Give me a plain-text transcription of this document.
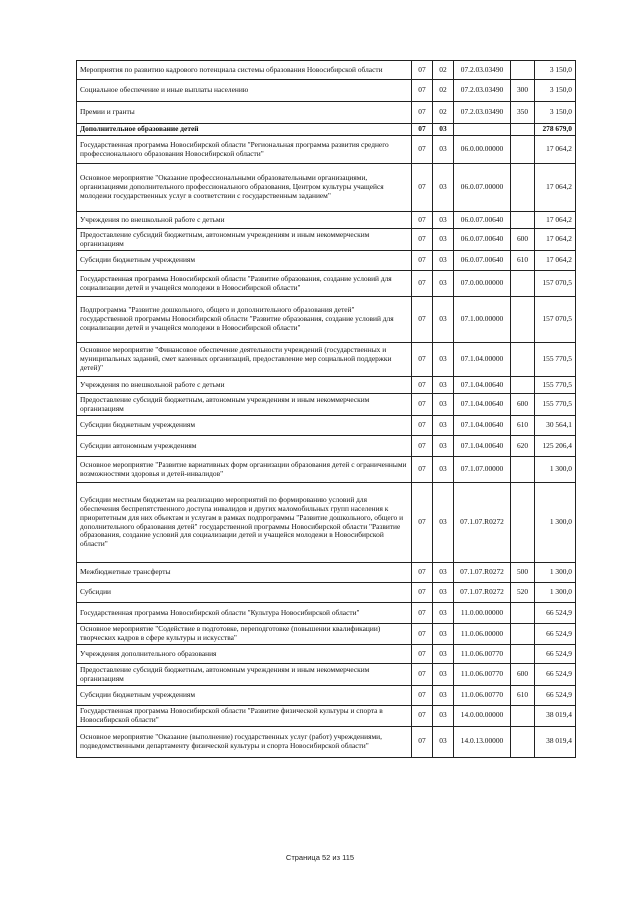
Мероприятия по развитию кадрового потенциала системы образования Новосибирской области	07	02	07.2.03.03490		3 150,0
Социальное обеспечение и иные выплаты населению	07	02	07.2.03.03490	300	3 150,0
Премии и гранты	07	02	07.2.03.03490	350	3 150,0
Дополнительное образование детей	07	03			278 679,0
Государственная программа Новосибирской области "Региональная программа развития среднего профессионального образования Новосибирской области"	07	03	06.0.00.00000		17 064,2
Основное мероприятие "Оказание профессиональными образовательными организациями, организациями дополнительного профессионального образования, Центром культуры учащейся молодежи государственных услуг в соответствии с государственным заданием"	07	03	06.0.07.00000		17 064,2
Учреждения по внешкольной работе с детьми	07	03	06.0.07.00640		17 064,2
Предоставление субсидий бюджетным, автономным учреждениям и иным некоммерческим организациям	07	03	06.0.07.00640	600	17 064,2
Субсидии бюджетным учреждениям	07	03	06.0.07.00640	610	17 064,2
Государственная программа Новосибирской области "Развитие образования, создание условий для социализации детей и учащейся молодежи в Новосибирской области"	07	03	07.0.00.00000		157 070,5
Подпрограмма "Развитие дошкольного, общего и дополнительного образования детей" государственной программы Новосибирской области "Развитие образования, создание условий для социализации детей и учащейся молодежи в Новосибирской области"	07	03	07.1.00.00000		157 070,5
Основное мероприятие "Финансовое обеспечение деятельности учреждений (государственных и муниципальных заданий, смет казенных организаций, предоставление мер социальной поддержки детей)"	07	03	07.1.04.00000		155 770,5
Учреждения по внешкольной работе с детьми	07	03	07.1.04.00640		155 770,5
Предоставление субсидий бюджетным, автономным учреждениям и иным некоммерческим организациям	07	03	07.1.04.00640	600	155 770,5
Субсидии бюджетным учреждениям	07	03	07.1.04.00640	610	30 564,1
Субсидии автономным учреждениям	07	03	07.1.04.00640	620	125 206,4
Основное мероприятие "Развитие вариативных форм организации образования детей с ограниченными возможностями здоровья и детей-инвалидов"	07	03	07.1.07.00000		1 300,0
Субсидии местным бюджетам на реализацию мероприятий по формированию условий для обеспечения беспрепятственного доступа инвалидов и других маломобильных групп населения к приоритетным для них объектам и услугам в рамках подпрограммы "Развитие дошкольного, общего и дополнительного образования детей" государственной программы Новосибирской области "Развитие образования, создание условий для социализации детей и учащейся молодежи в Новосибирской области"	07	03	07.1.07.R0272		1 300,0
Межбюджетные трансферты	07	03	07.1.07.R0272	500	1 300,0
Субсидии	07	03	07.1.07.R0272	520	1 300,0
Государственная программа Новосибирской области "Культура Новосибирской области"	07	03	11.0.00.00000		66 524,9
Основное мероприятие "Содействие в подготовке, переподготовке (повышении квалификации) творческих кадров в сфере культуры и искусства"	07	03	11.0.06.00000		66 524,9
Учреждения дополнительного образования	07	03	11.0.06.00770		66 524,9
Предоставление субсидий бюджетным, автономным учреждениям и иным некоммерческим организациям	07	03	11.0.06.00770	600	66 524,9
Субсидии бюджетным учреждениям	07	03	11.0.06.00770	610	66 524,9
Государственная программа Новосибирской области "Развитие физической культуры и спорта в Новосибирской области"	07	03	14.0.00.00000		38 019,4
Основное мероприятие "Оказание (выполнение) государственных услуг (работ) учреждениями, подведомственными департаменту физической культуры и спорта Новосибирской области"	07	03	14.0.13.00000		38 019,4
Страница 52 из 115
